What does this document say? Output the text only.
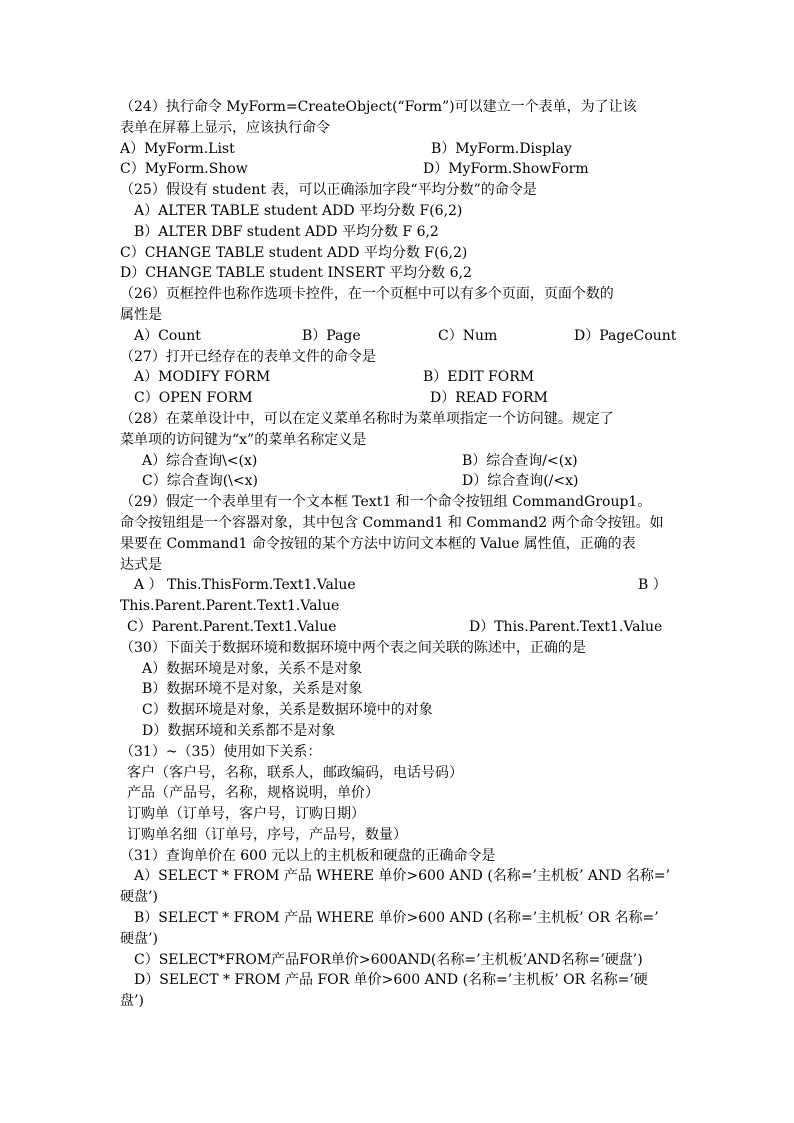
（24）执行命令 MyForm=CreateObject(“Form”)可以建立一个表单，为了让该
表单在屏幕上显示，应该执行命令
A）MyForm.List	B）MyForm.Display
C）MyForm.Show	D）MyForm.ShowForm
（25）假设有 student 表，可以正确添加字段“平均分数”的命令是
A）ALTER TABLE student ADD 平均分数 F(6,2)
B）ALTER DBF student ADD 平均分数 F 6,2
C）CHANGE TABLE student ADD 平均分数 F(6,2)
D）CHANGE TABLE student INSERT 平均分数 6,2
（26）页框控件也称作选项卡控件，在一个页框中可以有多个页面，页面个数的
属性是
A）Count	B）Page	C）Num	D）PageCount
（27）打开已经存在的表单文件的命令是
A）MODIFY FORM	B）EDIT FORM
C）OPEN FORM	D）READ FORM
（28）在菜单设计中，可以在定义菜单名称时为菜单项指定一个访问键。规定了
菜单项的访问键为“x”的菜单名称定义是
A）综合查询\<(x)	B）综合查询/<(x)
C）综合查询(\<x)	D）综合查询(/<x)
（29）假定一个表单里有一个文本框 Text1 和一个命令按钮组 CommandGroup1。
命令按钮组是一个容器对象，其中包含 Command1 和 Command2 两个命令按钮。如
果要在 Command1 命令按钮的某个方法中访问文本框的 Value 属性值，正确的表
达式是
A ） This.ThisForm.Text1.Value	B ）
This.Parent.Parent.Text1.Value
C）Parent.Parent.Text1.Value	D）This.Parent.Text1.Value
（30）下面关于数据环境和数据环境中两个表之间关联的陈述中，正确的是
A）数据环境是对象，关系不是对象
B）数据环境不是对象，关系是对象
C）数据环境是对象，关系是数据环境中的对象
D）数据环境和关系都不是对象
（31）~（35）使用如下关系：
客户（客户号，名称，联系人，邮政编码，电话号码）
产品（产品号，名称，规格说明，单价）
订购单（订单号，客户号，订购日期）
订购单名细（订单号，序号，产品号，数量）
（31）查询单价在 600 元以上的主机板和硬盘的正确命令是
A）SELECT * FROM 产品 WHERE 单价>600 AND (名称=’主机板’ AND 名称=’
硬盘’)
B）SELECT * FROM 产品 WHERE 单价>600 AND (名称=’主机板’ OR 名称=’
硬盘’)
C）SELECT*FROM产品FOR单价>600AND(名称=’主机板’AND名称=’硬盘’)
D）SELECT * FROM 产品 FOR 单价>600 AND (名称=’主机板’ OR 名称=’硬
盘’)
